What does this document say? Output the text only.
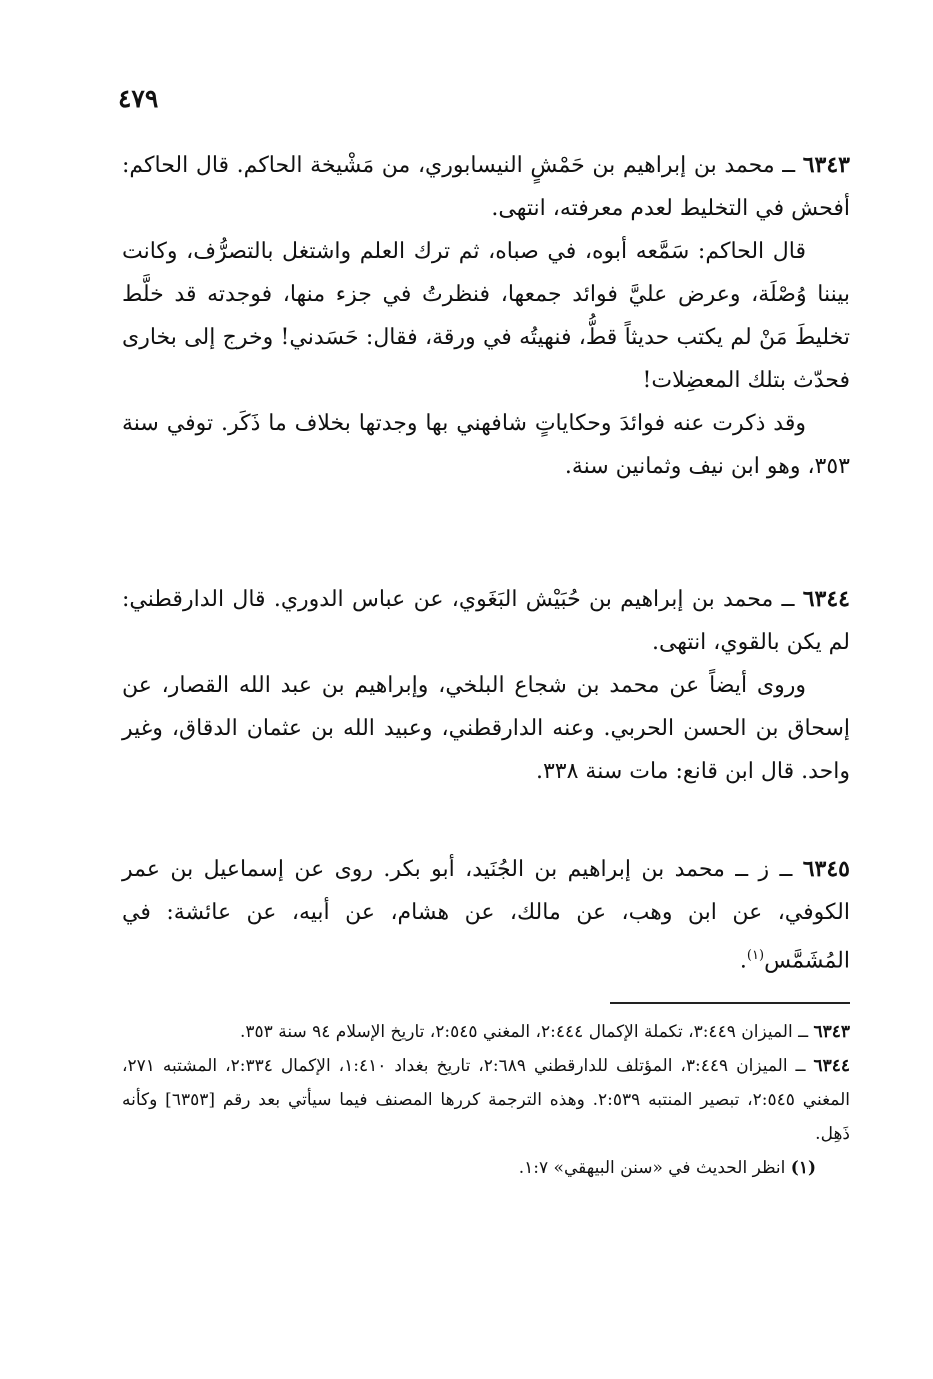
٤٧٩

٦٣٤٣ ــ محمد بن إبراهيم بن حَمْشٍ النيسابوري، من مَشْيخة الحاكم. قال الحاكم: أفحش في التخليط لعدم معرفته، انتهى.

قال الحاكم: سَمَّعه أبوه، في صباه، ثم ترك العلم واشتغل بالتصرُّف، وكانت بيننا وُصْلَة، وعرض عليَّ فوائد جمعها، فنظرتُ في جزء منها، فوجدته قد خلَّط تخليطَ مَنْ لم يكتب حديثاً قطُّ، فنهيتُه في ورقة، فقال: حَسَدني! وخرج إلى بخارى فحدّث بتلك المعضِلات!

وقد ذكرت عنه فوائدَ وحكاياتٍ شافهني بها وجدتها بخلاف ما ذَكَر. توفي سنة ٣٥٣، وهو ابن نيف وثمانين سنة.

٦٣٤٤ ــ محمد بن إبراهيم بن حُبَيْش البَغَوي، عن عباس الدوري. قال الدارقطني: لم يكن بالقوي، انتهى.

وروى أيضاً عن محمد بن شجاع البلخي، وإبراهيم بن عبد الله القصار، عن إسحاق بن الحسن الحربي. وعنه الدارقطني، وعبيد الله بن عثمان الدقاق، وغير واحد. قال ابن قانع: مات سنة ٣٣٨.

٦٣٤٥ ــ ز ــ محمد بن إبراهيم بن الجُنَيد، أبو بكر. روى عن إسماعيل بن عمر الكوفي، عن ابن وهب، عن مالك، عن هشام، عن أبيه، عن عائشة: في المُشَمَّس$^{(١)}$.

٦٣٤٣ ــ الميزان ٣:٤٤٩، تكملة الإكمال ٢:٤٤٤، المغني ٢:٥٤٥، تاريخ الإسلام ٩٤ سنة ٣٥٣.

٦٣٤٤ ــ الميزان ٣:٤٤٩، المؤتلف للدارقطني ٢:٦٨٩، تاريخ بغداد ١:٤١٠، الإكمال ٢:٣٣٤، المشتبه ٢٧١، المغني ٢:٥٤٥، تبصير المنتبه ٢:٥٣٩. وهذه الترجمة كررها المصنف فيما سيأتي بعد رقم [٦٣٥٣] وكأنه ذَهِل.

(١) انظر الحديث في «سنن البيهقي» ١:٧.
